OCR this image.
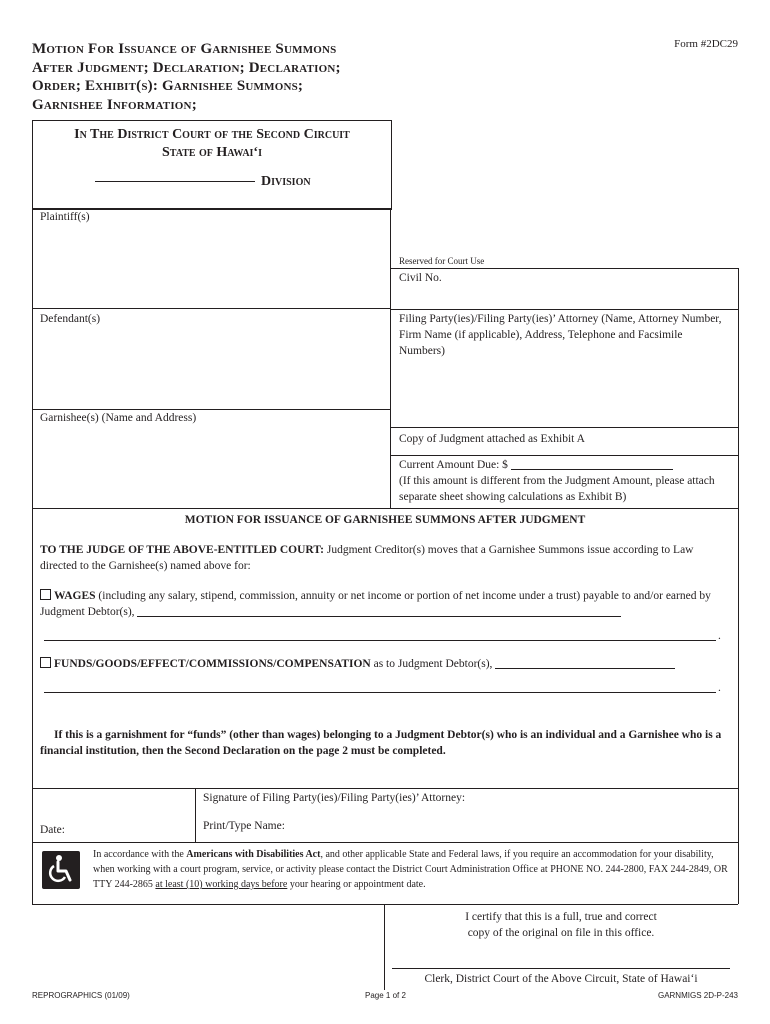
Motion For Issuance of Garnishee Summons
After Judgment; Declaration; Declaration;
Order; Exhibit(s): Garnishee Summons;
Garnishee Information;
Form #2DC29
In The District Court of the Second Circuit
State of Hawai‘i
Division
Plaintiff(s)
Defendant(s)
Garnishee(s) (Name and Address)
Reserved for Court Use
Civil No.
Filing Party(ies)/Filing Party(ies)’ Attorney (Name, Attorney Number, Firm Name (if applicable), Address, Telephone and Facsimile Numbers)
Copy of Judgment attached as Exhibit A
Current Amount Due: $
(If this amount is different from the Judgment Amount, please attach separate sheet showing calculations as Exhibit B)
MOTION FOR ISSUANCE OF GARNISHEE SUMMONS AFTER JUDGMENT
TO THE JUDGE OF THE ABOVE-ENTITLED COURT: Judgment Creditor(s) moves that a Garnishee Summons issue according to Law directed to the Garnishee(s) named above for:
WAGES (including any salary, stipend, commission, annuity or net income or portion of net income under a trust) payable to and/or earned by Judgment Debtor(s),
.
FUNDS/GOODS/EFFECT/COMMISSIONS/COMPENSATION as to Judgment Debtor(s),
.
If this is a garnishment for “funds” (other than wages) belonging to a Judgment Debtor(s) who is an individual and a Garnishee who is a financial institution, then the Second Declaration on the page 2 must be completed.
Signature of Filing Party(ies)/Filing Party(ies)’ Attorney:
Print/Type Name:
Date:
In accordance with the Americans with Disabilities Act, and other applicable State and Federal laws, if you require an accommodation for your disability, when working with a court program, service, or activity please contact the District Court Administration Office at PHONE NO. 244-2800, FAX 244-2849, OR TTY 244-2865 at least (10) working days before your hearing or appointment date.
I certify that this is a full, true and correct
copy of the original on file in this office.
Clerk, District Court of the Above Circuit, State of Hawai‘i
REPROGRAPHICS (01/09)	Page 1 of 2	GARNMIGS 2D-P-243
